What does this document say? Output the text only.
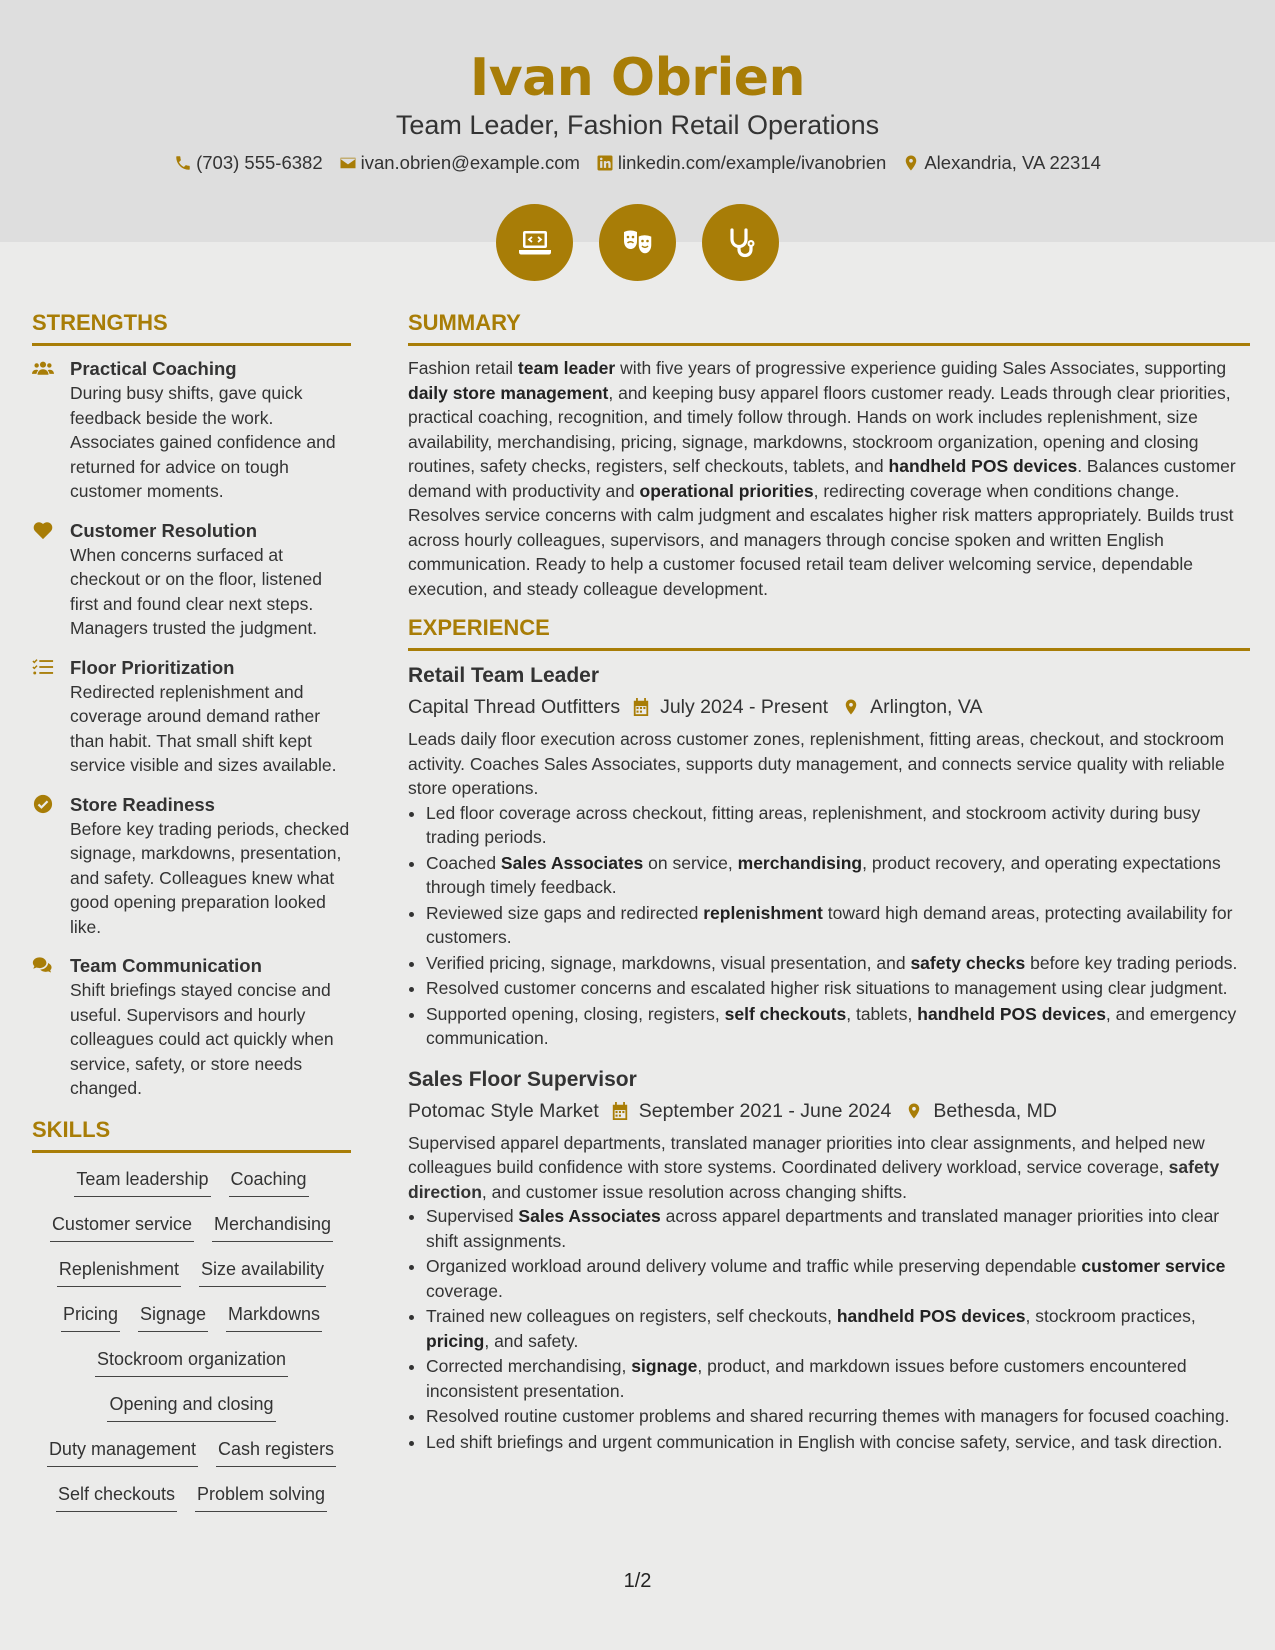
Ivan Obrien
Team Leader, Fashion Retail Operations
(703) 555-6382 ivan.obrien@example.com linkedin.com/example/ivanobrien Alexandria, VA 22314
STRENGTHS
Practical Coaching

During busy shifts, gave quick feedback beside the work. Associates gained confidence and returned for advice on tough customer moments.

Customer Resolution

When concerns surfaced at checkout or on the floor, listened first and found clear next steps. Managers trusted the judgment.

Floor Prioritization

Redirected replenishment and coverage around demand rather than habit. That small shift kept service visible and sizes available.

Store Readiness

Before key trading periods, checked signage, markdowns, presentation, and safety. Colleagues knew what good opening preparation looked like.

Team Communication

Shift briefings stayed concise and useful. Supervisors and hourly colleagues could act quickly when service, safety, or store needs changed.

SKILLS
Team leadership Coaching
Customer service Merchandising
Replenishment Size availability
Pricing Signage Markdowns
Stockroom organization
Opening and closing
Duty management Cash registers
Self checkouts Problem solving
SUMMARY

Fashion retail team leader with five years of progressive experience guiding Sales Associates, supporting daily store management, and keeping busy apparel floors customer ready. Leads through clear priorities, practical coaching, recognition, and timely follow through. Hands on work includes replenishment, size availability, merchandising, pricing, signage, markdowns, stockroom organization, opening and closing routines, safety checks, registers, self checkouts, tablets, and handheld POS devices. Balances customer demand with productivity and operational priorities, redirecting coverage when conditions change. Resolves service concerns with calm judgment and escalates higher risk matters appropriately. Builds trust across hourly colleagues, supervisors, and managers through concise spoken and written English communication. Ready to help a customer focused retail team deliver welcoming service, dependable execution, and steady colleague development.

EXPERIENCE
Retail Team Leader
Capital Thread Outfitters July 2024 - Present Arlington, VA

Leads daily floor execution across customer zones, replenishment, fitting areas, checkout, and stockroom activity. Coaches Sales Associates, supports duty management, and connects service quality with reliable store operations.

• Led floor coverage across checkout, fitting areas, replenishment, and stockroom activity during busy trading periods.
• Coached Sales Associates on service, merchandising, product recovery, and operating expectations through timely feedback.
• Reviewed size gaps and redirected replenishment toward high demand areas, protecting availability for customers.
• Verified pricing, signage, markdowns, visual presentation, and safety checks before key trading periods.
• Resolved customer concerns and escalated higher risk situations to management using clear judgment.
• Supported opening, closing, registers, self checkouts, tablets, handheld POS devices, and emergency communication.
Sales Floor Supervisor
Potomac Style Market September 2021 - June 2024 Bethesda, MD

Supervised apparel departments, translated manager priorities into clear assignments, and helped new colleagues build confidence with store systems. Coordinated delivery workload, service coverage, safety direction, and customer issue resolution across changing shifts.

• Supervised Sales Associates across apparel departments and translated manager priorities into clear shift assignments.
• Organized workload around delivery volume and traffic while preserving dependable customer service coverage.
• Trained new colleagues on registers, self checkouts, handheld POS devices, stockroom practices, pricing, and safety.
• Corrected merchandising, signage, product, and markdown issues before customers encountered inconsistent presentation.
• Resolved routine customer problems and shared recurring themes with managers for focused coaching.
• Led shift briefings and urgent communication in English with concise safety, service, and task direction.
1/2
